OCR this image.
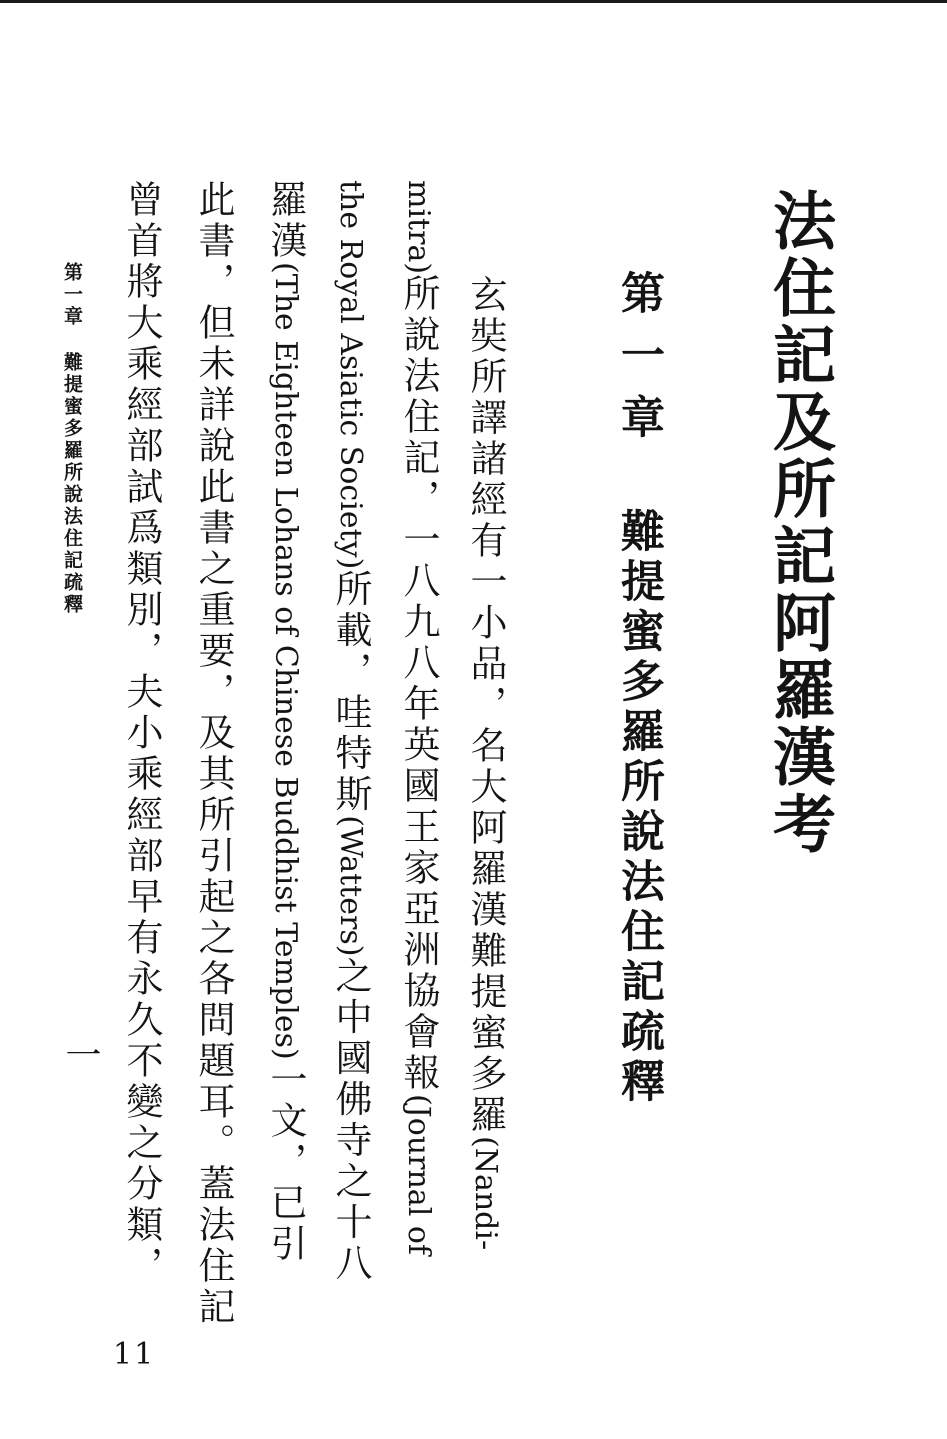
法住記及所記阿羅漢考
第一章難提蜜多羅所說法住記疏釋

玄奘所譯諸經有一小品，名大阿羅漢難提蜜多羅(Nandi-

mitra)所說法住記，一八九八年英國王家亞洲協會報(Journal of

the Royal Asiatic Society)所載，哇特斯(Watters)之中國佛寺之十八

羅漢(The Eighteen Lohans of Chinese Buddhist Temples)一文，已引

此書，但未詳說此書之重要，及其所引起之各問題耳。蓋法住記

曾首將大乘經部試爲類別，夫小乘經部早有永久不變之分類，

第一章難提蜜多羅所說法住記疏釋
一

11
